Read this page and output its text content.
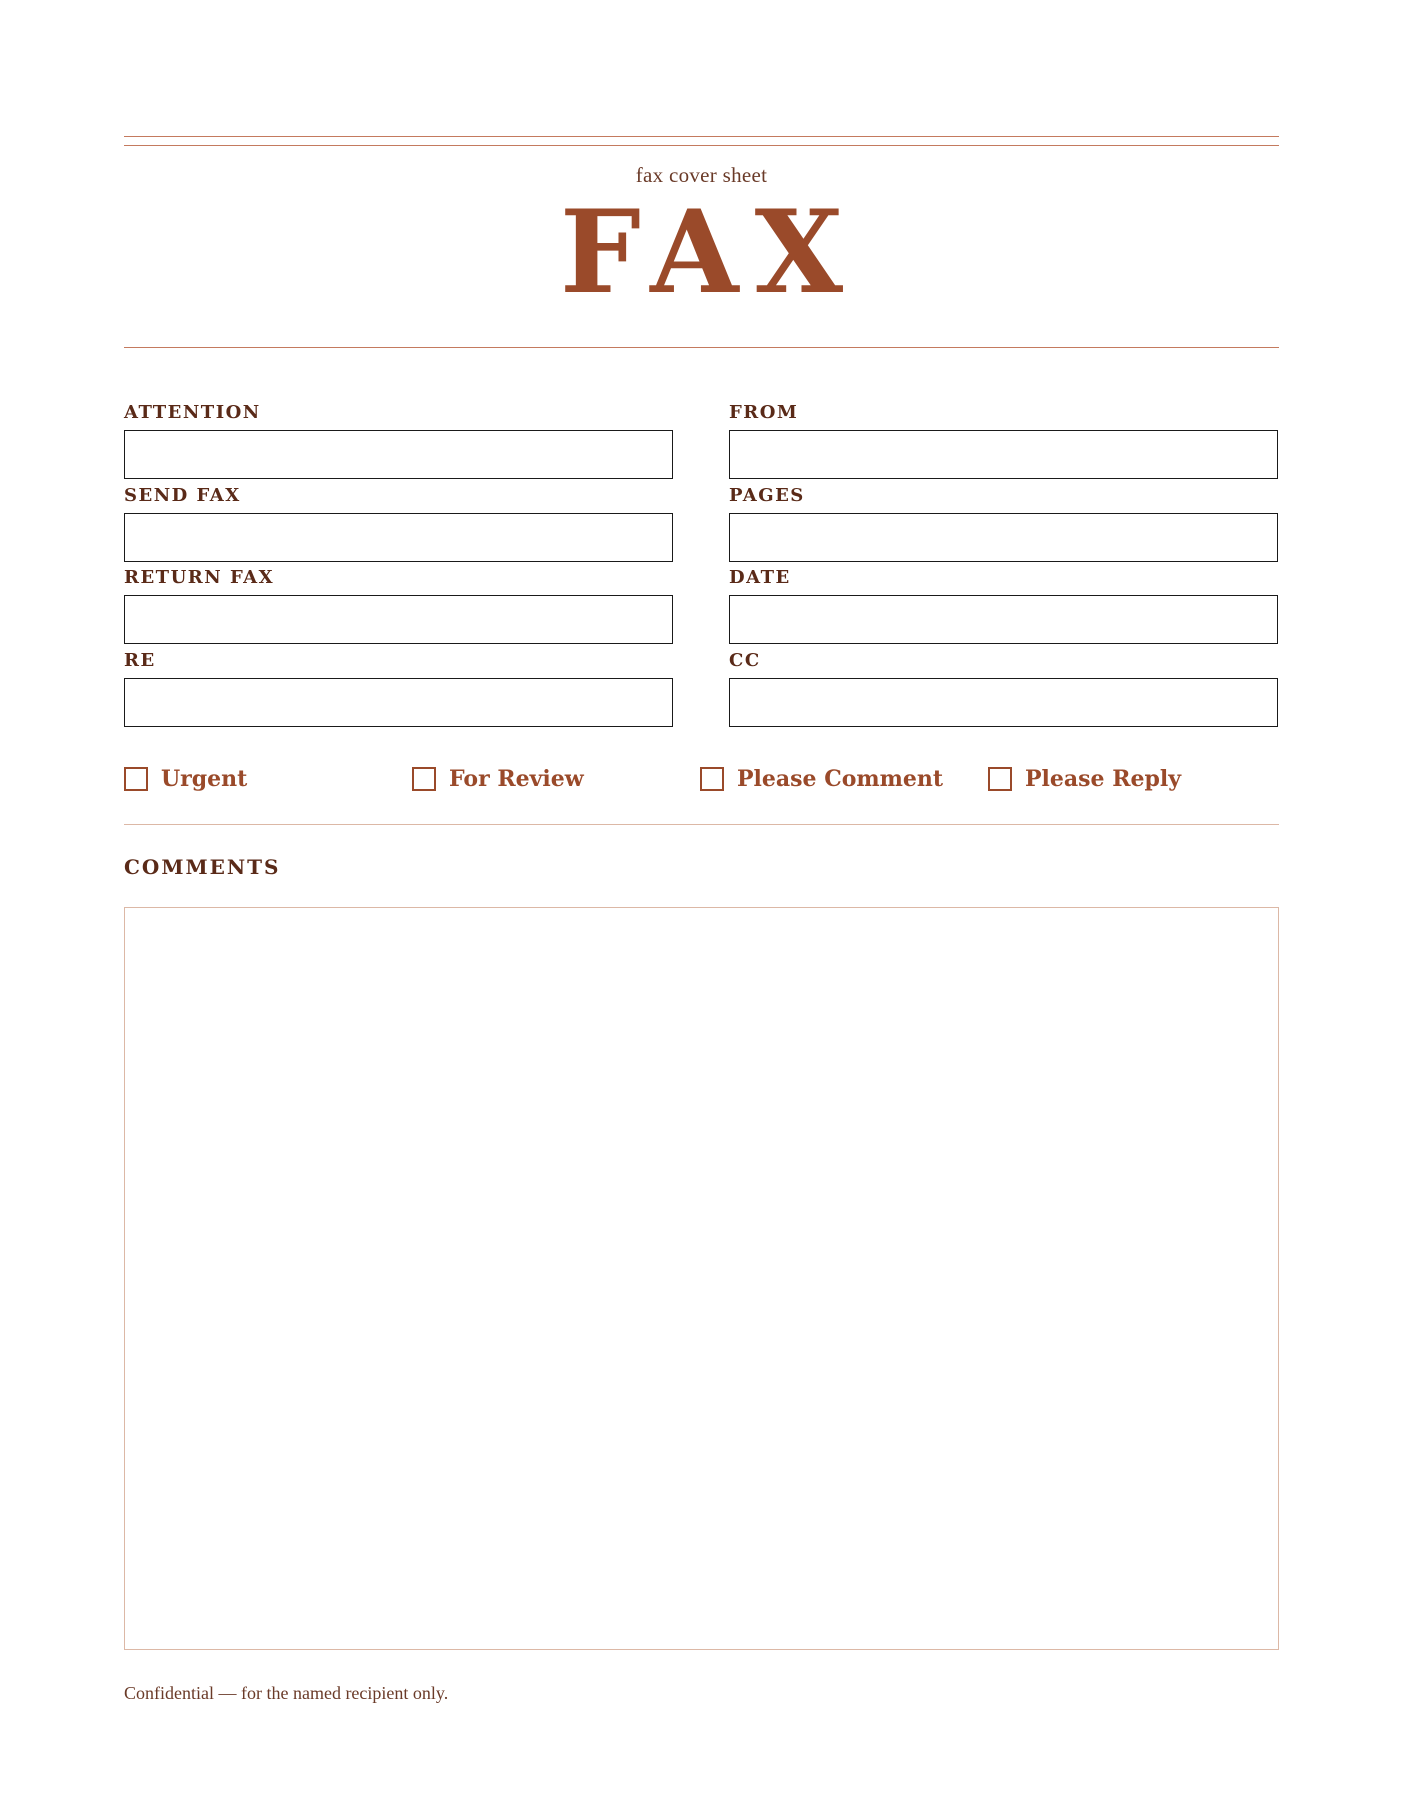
fax cover sheet
FAX
ATTENTION
SEND FAX
RETURN FAX
RE
FROM
PAGES
DATE
CC
Urgent	For Review	Please Comment	Please Reply
COMMENTS
Confidential — for the named recipient only.
